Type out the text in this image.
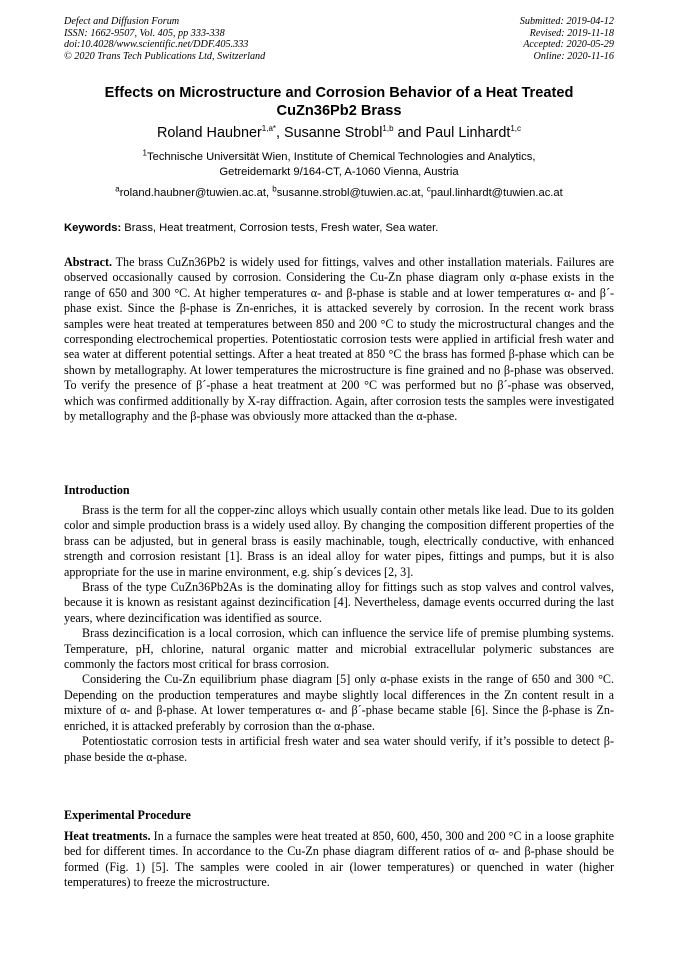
Defect and Diffusion Forum
ISSN: 1662-9507, Vol. 405, pp 333-338
doi:10.4028/www.scientific.net/DDF.405.333
© 2020 Trans Tech Publications Ltd, Switzerland
Submitted: 2019-04-12
Revised: 2019-11-18
Accepted: 2020-05-29
Online: 2020-11-16
Effects on Microstructure and Corrosion Behavior of a Heat Treated CuZn36Pb2 Brass
Roland Haubner$^{1,a*}$, Susanne Strobl$^{1,b}$ and Paul Linhardt$^{1,c}$
$^1$Technische Universität Wien, Institute of Chemical Technologies and Analytics,
Getreidemarkt 9/164-CT, A-1060 Vienna, Austria
$^a$roland.haubner@tuwien.ac.at, $^b$susanne.strobl@tuwien.ac.at, $^c$paul.linhardt@tuwien.ac.at
Keywords: Brass, Heat treatment, Corrosion tests, Fresh water, Sea water.

Abstract. The brass CuZn36Pb2 is widely used for fittings, valves and other installation materials. Failures are observed occasionally caused by corrosion. Considering the Cu-Zn phase diagram only α-phase exists in the range of 650 and 300 °C. At higher temperatures α- and β-phase is stable and at lower temperatures α- and β´-phase exist. Since the β-phase is Zn-enriches, it is attacked severely by corrosion. In the recent work brass samples were heat treated at temperatures between 850 and 200 °C to study the microstructural changes and the corresponding electrochemical properties. Potentiostatic corrosion tests were applied in artificial fresh water and sea water at different potential settings. After a heat treated at 850 °C the brass has formed β-phase which can be shown by metallography. At lower temperatures the microstructure is fine grained and no β-phase was observed. To verify the presence of β´-phase a heat treatment at 200 °C was performed but no β´-phase was observed, which was confirmed additionally by X-ray diffraction. Again, after corrosion tests the samples were investigated by metallography and the β-phase was obviously more attacked than the α-phase.

Introduction

Brass is the term for all the copper-zinc alloys which usually contain other metals like lead. Due to its golden color and simple production brass is a widely used alloy. By changing the composition different properties of the brass can be adjusted, but in general brass is easily machinable, tough, electrically conductive, with enhanced strength and corrosion resistant [1]. Brass is an ideal alloy for water pipes, fittings and pumps, but it is also appropriate for the use in marine environment, e.g. ship´s devices [2, 3].

Brass of the type CuZn36Pb2As is the dominating alloy for fittings such as stop valves and control valves, because it is known as resistant against dezincification [4]. Nevertheless, damage events occurred during the last years, where dezincification was identified as source.

Brass dezincification is a local corrosion, which can influence the service life of premise plumbing systems. Temperature, pH, chlorine, natural organic matter and microbial extracellular polymeric substances are commonly the factors most critical for brass corrosion.

Considering the Cu-Zn equilibrium phase diagram [5] only α-phase exists in the range of 650 and 300 °C. Depending on the production temperatures and maybe slightly local differences in the Zn content result in a mixture of α- and β-phase. At lower temperatures α- and β´-phase became stable [6]. Since the β-phase is Zn-enriched, it is attacked preferably by corrosion than the α-phase.

Potentiostatic corrosion tests in artificial fresh water and sea water should verify, if it’s possible to detect β-phase beside the α-phase.

Experimental Procedure

Heat treatments. In a furnace the samples were heat treated at 850, 600, 450, 300 and 200 °C in a loose graphite bed for different times. In accordance to the Cu-Zn phase diagram different ratios of α- and β-phase should be formed (Fig. 1) [5]. The samples were cooled in air (lower temperatures) or quenched in water (higher temperatures) to freeze the microstructure.
